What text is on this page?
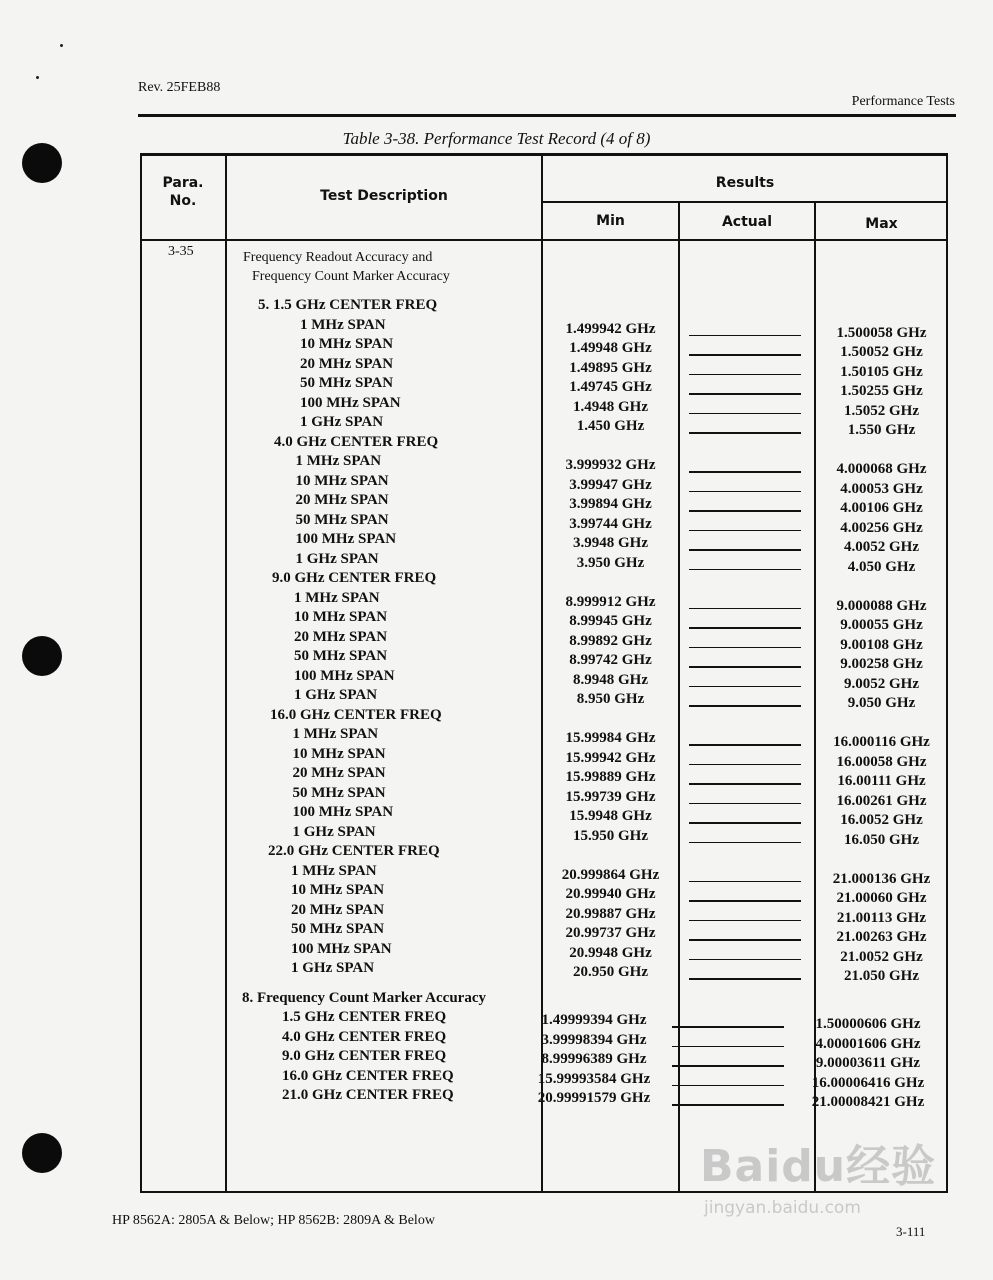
Rev. 25FEB88
Performance Tests
Table 3-38. Performance Test Record (4 of 8)
Para.
No.	Test Description
Results
Min	Actual	Max
3-35	Frequency Readout Accuracy and
Frequency Count Marker Accuracy
5. 1.5 GHz CENTER FREQ
1 MHz SPAN	1.499942 GHz	1.500058 GHz
10 MHz SPAN	1.49948 GHz	1.50052 GHz
20 MHz SPAN	1.49895 GHz	1.50105 GHz
50 MHz SPAN	1.49745 GHz	1.50255 GHz
100 MHz SPAN	1.4948 GHz	1.5052 GHz
1 GHz SPAN	1.450 GHz	1.550 GHz
4.0 GHz CENTER FREQ
1 MHz SPAN	3.999932 GHz	4.000068 GHz
10 MHz SPAN	3.99947 GHz	4.00053 GHz
20 MHz SPAN	3.99894 GHz	4.00106 GHz
50 MHz SPAN	3.99744 GHz	4.00256 GHz
100 MHz SPAN	3.9948 GHz	4.0052 GHz
1 GHz SPAN	3.950 GHz	4.050 GHz
9.0 GHz CENTER FREQ
1 MHz SPAN	8.999912 GHz	9.000088 GHz
10 MHz SPAN	8.99945 GHz	9.00055 GHz
20 MHz SPAN	8.99892 GHz	9.00108 GHz
50 MHz SPAN	8.99742 GHz	9.00258 GHz
100 MHz SPAN	8.9948 GHz	9.0052 GHz
1 GHz SPAN	8.950 GHz	9.050 GHz
16.0 GHz CENTER FREQ
1 MHz SPAN	15.99984 GHz	16.000116 GHz
10 MHz SPAN	15.99942 GHz	16.00058 GHz
20 MHz SPAN	15.99889 GHz	16.00111 GHz
50 MHz SPAN	15.99739 GHz	16.00261 GHz
100 MHz SPAN	15.9948 GHz	16.0052 GHz
1 GHz SPAN	15.950 GHz	16.050 GHz
22.0 GHz CENTER FREQ
1 MHz SPAN	20.999864 GHz	21.000136 GHz
10 MHz SPAN	20.99940 GHz	21.00060 GHz
20 MHz SPAN	20.99887 GHz	21.00113 GHz
50 MHz SPAN	20.99737 GHz	21.00263 GHz
100 MHz SPAN	20.9948 GHz	21.0052 GHz
1 GHz SPAN	20.950 GHz	21.050 GHz
8. Frequency Count Marker Accuracy
1.5 GHz CENTER FREQ	1.49999394 GHz	1.50000606 GHz
4.0 GHz CENTER FREQ	3.99998394 GHz	4.00001606 GHz
9.0 GHz CENTER FREQ	8.99996389 GHz	9.00003611 GHz
16.0 GHz CENTER FREQ	15.99993584 GHz	16.00006416 GHz
21.0 GHz CENTER FREQ	20.99991579 GHz	21.00008421 GHz
HP 8562A: 2805A & Below; HP 8562B: 2809A & Below
3-111
Baidu经验
jingyan.baidu.com
